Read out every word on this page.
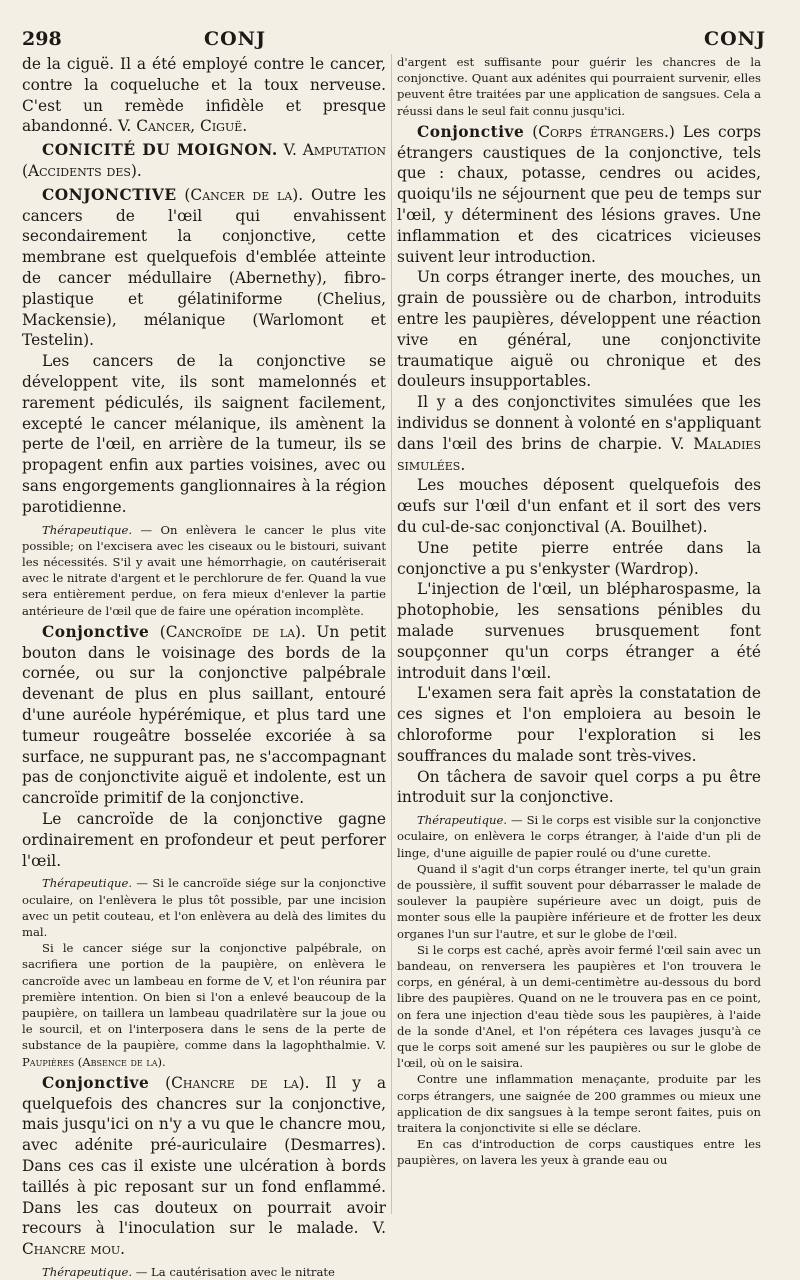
298	CONJ	CONJ

de la ciguë. Il a été employé contre le cancer, contre la coqueluche et la toux nerveuse. C'est un remède infidèle et presque abandonné. V. Cancer, Ciguë.

CONICITÉ DU MOIGNON. V. Amputation (Accidents des).

CONJONCTIVE (Cancer de la). Outre les cancers de l'œil qui envahissent secondairement la conjonctive, cette membrane est quelquefois d'emblée atteinte de cancer médullaire (Abernethy), fibro-plastique et gélatiniforme (Chelius, Mackensie), mélanique (Warlomont et Testelin).

Les cancers de la conjonctive se développent vite, ils sont mamelonnés et rarement pédiculés, ils saignent facilement, excepté le cancer mélanique, ils amènent la perte de l'œil, en arrière de la tumeur, ils se propagent enfin aux parties voisines, avec ou sans engorgements ganglionnaires à la région parotidienne.

Thérapeutique. — On enlèvera le cancer le plus vite possible; on l'excisera avec les ciseaux ou le bistouri, suivant les nécessités. S'il y avait une hémorrhagie, on cautériserait avec le nitrate d'argent et le perchlorure de fer. Quand la vue sera entièrement perdue, on fera mieux d'enlever la partie antérieure de l'œil que de faire une opération incomplète.

Conjonctive (Cancroïde de la). Un petit bouton dans le voisinage des bords de la cornée, ou sur la conjonctive palpébrale devenant de plus en plus saillant, entouré d'une auréole hypérémique, et plus tard une tumeur rougeâtre bosselée excoriée à sa surface, ne suppurant pas, ne s'accompagnant pas de conjonctivite aiguë et indolente, est un cancroïde primitif de la conjonctive.

Le cancroïde de la conjonctive gagne ordinairement en profondeur et peut perforer l'œil.

Thérapeutique. — Si le cancroïde siége sur la conjonctive oculaire, on l'enlèvera le plus tôt possible, par une incision avec un petit couteau, et l'on enlèvera au delà des limites du mal.

Si le cancer siége sur la conjonctive palpébrale, on sacrifiera une portion de la paupière, on enlèvera le cancroïde avec un lambeau en forme de V, et l'on réunira par première intention. On bien si l'on a enlevé beaucoup de la paupière, on taillera un lambeau quadrilatère sur la joue ou le sourcil, et on l'interposera dans le sens de la perte de substance de la paupière, comme dans la lagophthalmie. V. Paupières (Absence de la).

Conjonctive (Chancre de la). Il y a quelquefois des chancres sur la conjonctive, mais jusqu'ici on n'y a vu que le chancre mou, avec adénite pré-auriculaire (Desmarres). Dans ces cas il existe une ulcération à bords taillés à pic reposant sur un fond enflammé. Dans les cas douteux on pourrait avoir recours à l'inoculation sur le malade. V. Chancre mou.

Thérapeutique. — La cautérisation avec le nitrate

d'argent est suffisante pour guérir les chancres de la conjonctive. Quant aux adénites qui pourraient survenir, elles peuvent être traitées par une application de sangsues. Cela a réussi dans le seul fait connu jusqu'ici.

Conjonctive (Corps étrangers.) Les corps étrangers caustiques de la conjonctive, tels que : chaux, potasse, cendres ou acides, quoiqu'ils ne séjournent que peu de temps sur l'œil, y déterminent des lésions graves. Une inflammation et des cicatrices vicieuses suivent leur introduction.

Un corps étranger inerte, des mouches, un grain de poussière ou de charbon, introduits entre les paupières, développent une réaction vive en général, une conjonctivite traumatique aiguë ou chronique et des douleurs insupportables.

Il y a des conjonctivites simulées que les individus se donnent à volonté en s'appliquant dans l'œil des brins de charpie. V. Maladies simulées.

Les mouches déposent quelquefois des œufs sur l'œil d'un enfant et il sort des vers du cul-de-sac conjonctival (A. Bouilhet).

Une petite pierre entrée dans la conjonctive a pu s'enkyster (Wardrop).

L'injection de l'œil, un blépharospasme, la photophobie, les sensations pénibles du malade survenues brusquement font soupçonner qu'un corps étranger a été introduit dans l'œil.

L'examen sera fait après la constatation de ces signes et l'on emploiera au besoin le chloroforme pour l'exploration si les souffrances du malade sont très-vives.

On tâchera de savoir quel corps a pu être introduit sur la conjonctive.

Thérapeutique. — Si le corps est visible sur la conjonctive oculaire, on enlèvera le corps étranger, à l'aide d'un pli de linge, d'une aiguille de papier roulé ou d'une curette.

Quand il s'agit d'un corps étranger inerte, tel qu'un grain de poussière, il suffit souvent pour débarrasser le malade de soulever la paupière supérieure avec un doigt, puis de monter sous elle la paupière inférieure et de frotter les deux organes l'un sur l'autre, et sur le globe de l'œil.

Si le corps est caché, après avoir fermé l'œil sain avec un bandeau, on renversera les paupières et l'on trouvera le corps, en général, à un demi-centimètre au-dessous du bord libre des paupières. Quand on ne le trouvera pas en ce point, on fera une injection d'eau tiède sous les paupières, à l'aide de la sonde d'Anel, et l'on répétera ces lavages jusqu'à ce que le corps soit amené sur les paupières ou sur le globe de l'œil, où on le saisira.

Contre une inflammation menaçante, produite par les corps étrangers, une saignée de 200 grammes ou mieux une application de dix sangsues à la tempe seront faites, puis on traitera la conjonctivite si elle se déclare.

En cas d'introduction de corps caustiques entre les paupières, on lavera les yeux à grande eau ou
